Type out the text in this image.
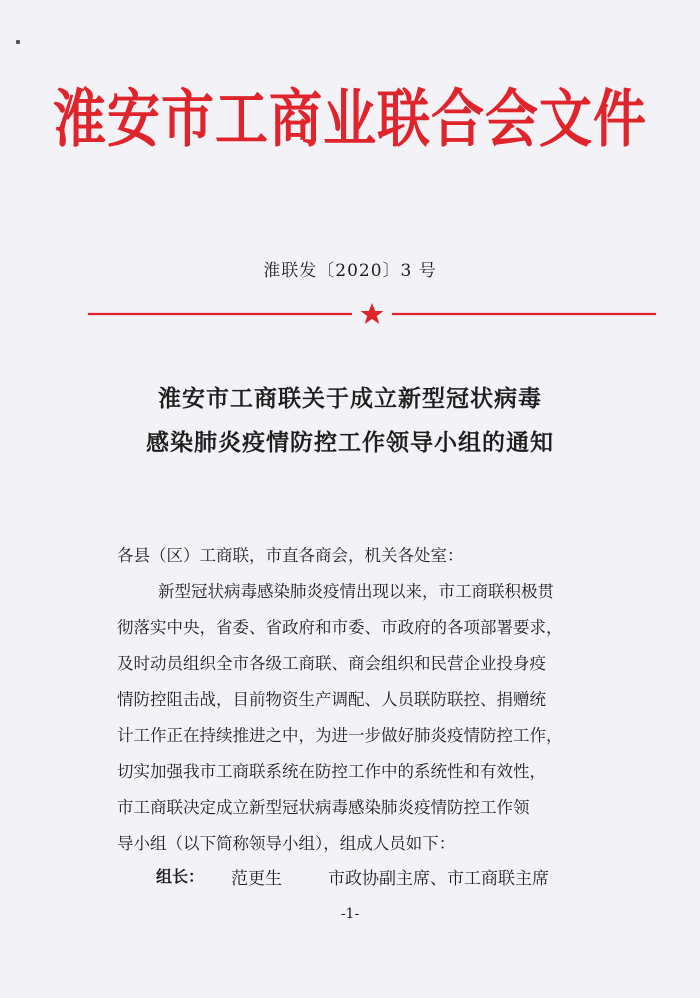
淮安市工商业联合会文件
淮联发〔2020〕3 号
淮安市工商联关于成立新型冠状病毒
感染肺炎疫情防控工作领导小组的通知
各县（区）工商联，市直各商会，机关各处室：
新型冠状病毒感染肺炎疫情出现以来，市工商联积极贯
彻落实中央，省委、省政府和市委、市政府的各项部署要求，
及时动员组织全市各级工商联、商会组织和民营企业投身疫
情防控阻击战，目前物资生产调配、人员联防联控、捐赠统
计工作正在持续推进之中，为进一步做好肺炎疫情防控工作，
切实加强我市工商联系统在防控工作中的系统性和有效性，
市工商联决定成立新型冠状病毒感染肺炎疫情防控工作领
导小组（以下简称领导小组），组成人员如下：
组长： 范更生	市政协副主席、市工商联主席
-1-
